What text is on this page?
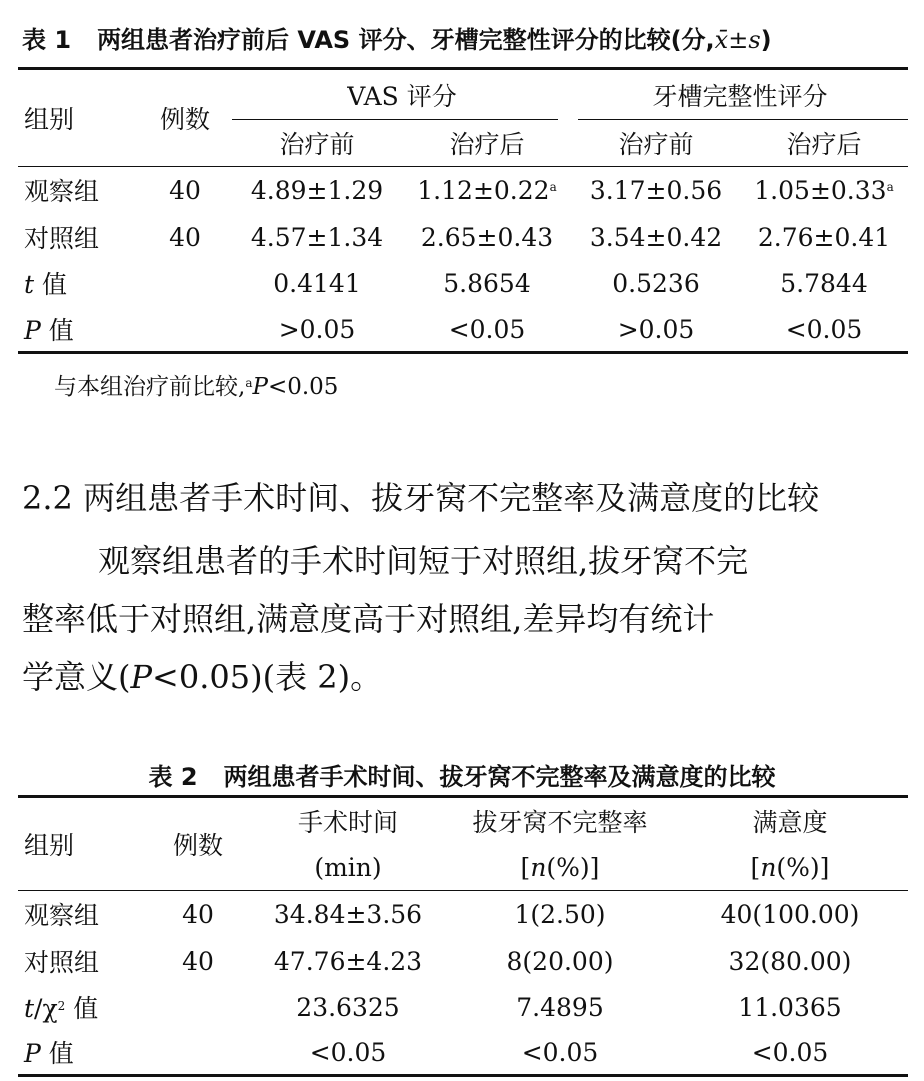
表 1 两组患者治疗前后 VAS 评分、牙槽完整性评分的比较(分,x̄±s)
组别	例数	VAS 评分		牙槽完整性评分	
		治疗前	治疗后	治疗前	治疗后
观察组	40	4.89±1.29	1.12±0.22$^a$	3.17±0.56	1.05±0.33$^a$
对照组	40	4.57±1.34	2.65±0.43	3.54±0.42	2.76±0.41
t 值		0.4141	5.8654	0.5236	5.7844
P 值		>0.05	<0.05	>0.05	<0.05
与本组治疗前比较,$^a$P<0.05
2.2 两组患者手术时间、拔牙窝不完整率及满意度的比较
观察组患者的手术时间短于对照组,拔牙窝不完
整率低于对照组,满意度高于对照组,差异均有统计
学意义(P<0.05)(表 2)。
表 2 两组患者手术时间、拔牙窝不完整率及满意度的比较
组别	例数	手术时间	拔牙窝不完整率	满意度
		(min)	[n(%)]	[n(%)]
观察组	40	34.84±3.56	1(2.50)	40(100.00)
对照组	40	47.76±4.23	8(20.00)	32(80.00)
$t/\chi^2$ 值		23.6325	7.4895	11.0365
P 值		<0.05	<0.05	<0.05
